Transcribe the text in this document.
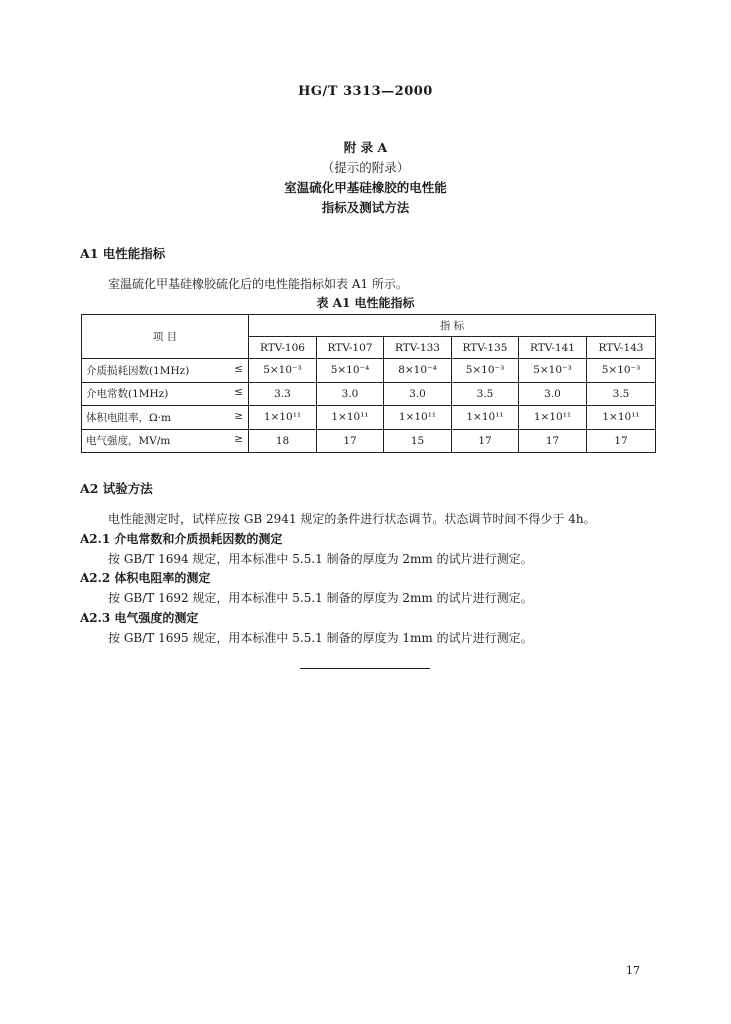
HG/T 3313—2000
附 录 A
（提示的附录）
室温硫化甲基硅橡胶的电性能
指标及测试方法
A1 电性能指标
室温硫化甲基硅橡胶硫化后的电性能指标如表 A1 所示。
表 A1 电性能指标
项 目	指 标					
	RTV-106	RTV-107	RTV-133	RTV-135	RTV-141	RTV-143
介质损耗因数(1MHz) ≤	5×10⁻³	5×10⁻⁴	8×10⁻⁴	5×10⁻³	5×10⁻³	5×10⁻³
介电常数(1MHz) ≤	3.3	3.0	3.0	3.5	3.0	3.5
体积电阻率，Ω·m ≥	1×10¹¹	1×10¹¹	1×10¹¹	1×10¹¹	1×10¹¹	1×10¹¹
电气强度，MV/m ≥	18	17	15	17	17	17
A2 试验方法
电性能测定时，试样应按 GB 2941 规定的条件进行状态调节。状态调节时间不得少于 4h。
A2.1 介电常数和介质损耗因数的测定
按 GB/T 1694 规定，用本标准中 5.5.1 制备的厚度为 2mm 的试片进行测定。
A2.2 体积电阻率的测定
按 GB/T 1692 规定，用本标准中 5.5.1 制备的厚度为 2mm 的试片进行测定。
A2.3 电气强度的测定
按 GB/T 1695 规定，用本标准中 5.5.1 制备的厚度为 1mm 的试片进行测定。
17
